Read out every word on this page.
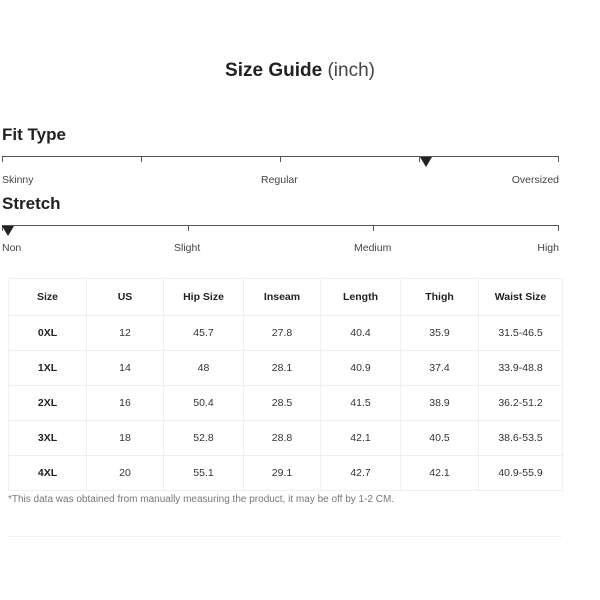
Size Guide (inch)
Fit Type
Skinny	Regular	Oversized
Stretch
Non	Slight	Medium	High
Size	US	Hip Size	Inseam	Length	Thigh	Waist Size
0XL	12	45.7	27.8	40.4	35.9	31.5-46.5
1XL	14	48	28.1	40.9	37.4	33.9-48.8
2XL	16	50.4	28.5	41.5	38.9	36.2-51.2
3XL	18	52.8	28.8	42.1	40.5	38.6-53.5
4XL	20	55.1	29.1	42.7	42.1	40.9-55.9
*This data was obtained from manually measuring the product, it may be off by 1-2 CM.
